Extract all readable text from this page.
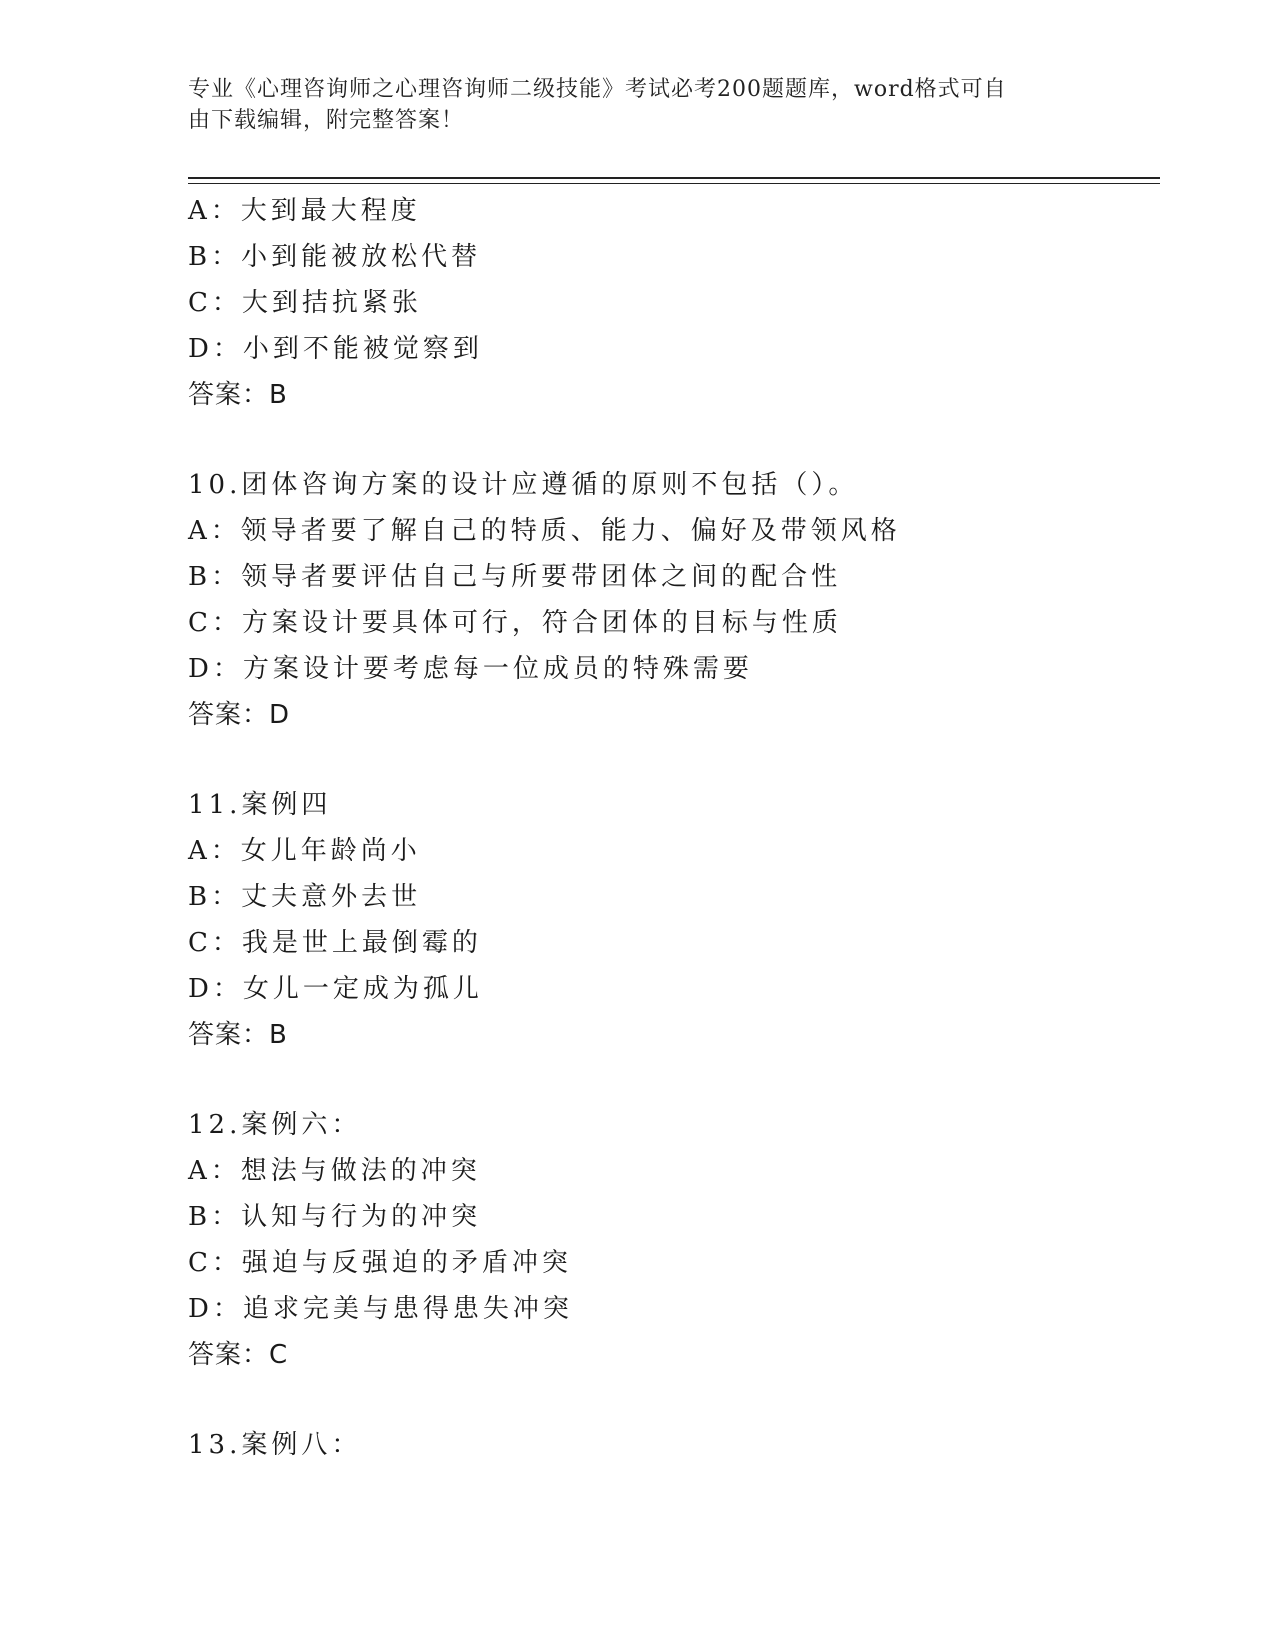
专业《心理咨询师之心理咨询师二级技能》考试必考200题题库，word格式可自
由下载编辑，附完整答案！
A：大到最大程度
B：小到能被放松代替
C：大到拮抗紧张
D：小到不能被觉察到
答案：B
10.团体咨询方案的设计应遵循的原则不包括（）。
A：领导者要了解自己的特质、能力、偏好及带领风格
B：领导者要评估自己与所要带团体之间的配合性
C：方案设计要具体可行，符合团体的目标与性质
D：方案设计要考虑每一位成员的特殊需要
答案：D
11.案例四
A：女儿年龄尚小
B：丈夫意外去世
C：我是世上最倒霉的
D：女儿一定成为孤儿
答案：B
12.案例六：
A：想法与做法的冲突
B：认知与行为的冲突
C：强迫与反强迫的矛盾冲突
D：追求完美与患得患失冲突
答案：C
13.案例八：
